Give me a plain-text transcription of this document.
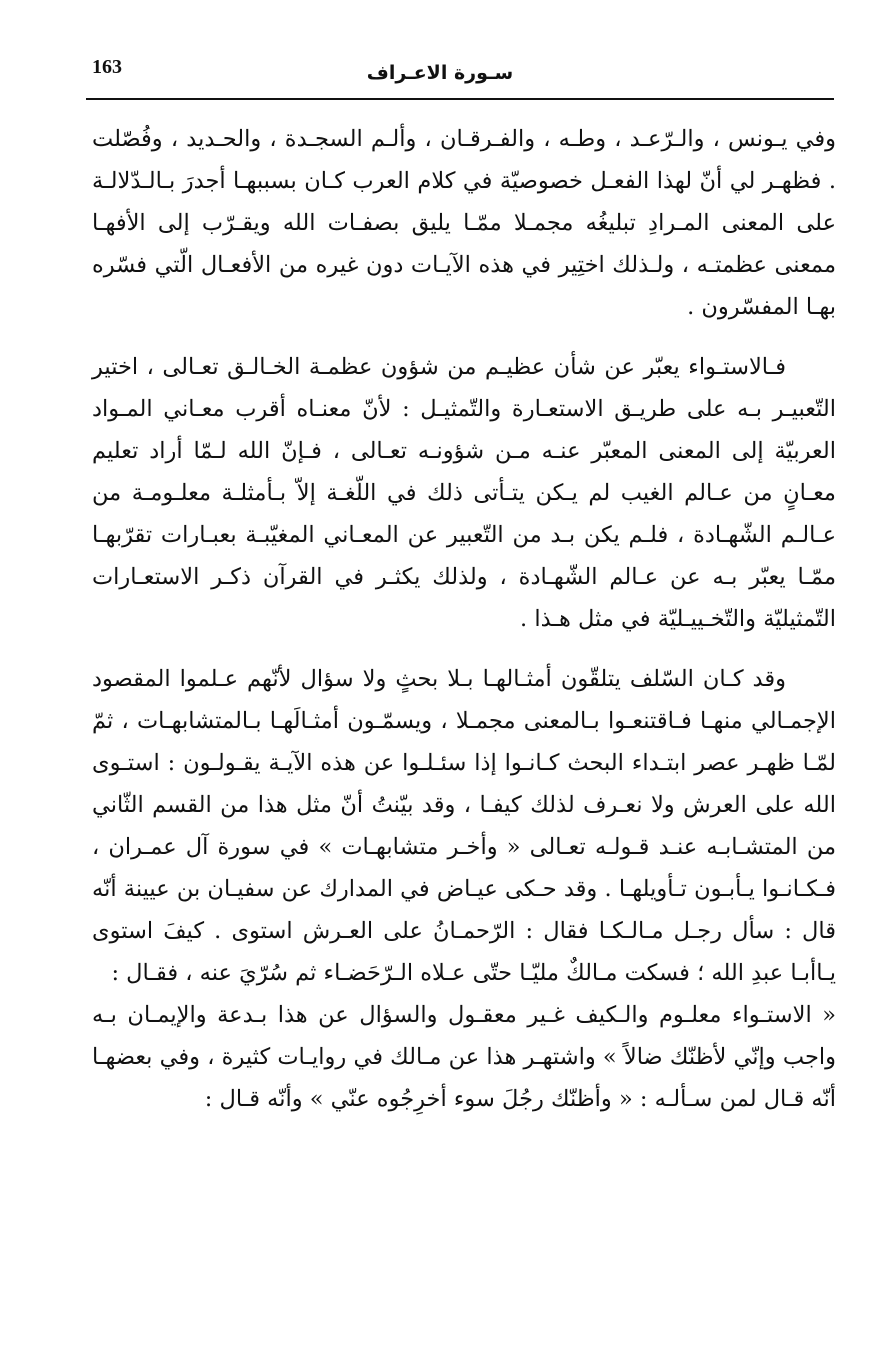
163	سـورة الاعـراف

وفي يـونس ، والـرّعـد ، وطـه ، والفـرقـان ، وألـم السجـدة ، والحـديد ، وفُصّلت . فظهـر لي أنّ لهذا الفعـل خصوصيّة في كلام العرب كـان بسببهـا أجدرَ بـالـدّلالـة على المعنى المـرادِ تبليغُه مجمـلا ممّـا يليق بصفـات الله ويقـرّب إلى الأفهـا ممعنى عظمتـه ، ولـذلك اختِير في هذه الآيـات دون غيره من الأفعـال الّتي فسّره بهـا المفسّرون .

فـالاستـواء يعبّر عن شأن عظيـم من شؤون عظمـة الخـالـق تعـالى ، اختير التّعبيـر بـه على طريـق الاستعـارة والتّمثيـل : لأنّ معنـاه أقرب معـاني المـواد العربيّة إلى المعنى المعبّر عنـه مـن شؤونـه تعـالى ، فـإنّ الله لـمّا أراد تعليم معـانٍ من عـالم الغيب لم يـكن يتـأتى ذلك في اللّغـة إلاّ بـأمثلـة معلـومـة من عـالـم الشّهـادة ، فلـم يكن بـد من التّعبير عن المعـاني المغيّبـة بعبـارات تقرّبهـا ممّـا يعبّر بـه عن عـالم الشّهـادة ، ولذلك يكثـر في القرآن ذكـر الاستعـارات التّمثيليّة والتّخـييـليّة في مثل هـذا .

وقد كـان السّلف يتلقّون أمثـالهـا بـلا بحثٍ ولا سؤال لأنّهم عـلموا المقصود الإجمـالي منهـا فـاقتنعـوا بـالمعنى مجمـلا ، ويسمّـون أمثـالَهـا بـالمتشابهـات ، ثمّ لمّـا ظهـر عصر ابتـداء البحث كـانـوا إذا سئـلـوا عن هذه الآيـة يقـولـون : استـوى الله على العرش ولا نعـرف لذلك كيفـا ، وقد بيّنتُ أنّ مثل هذا من القسم الثّاني من المتشـابـه عنـد قـولـه تعـالى « وأخـر متشابهـات » في سورة آل عمـران ، فـكـانـوا يـأبـون تـأويلهـا . وقد حـكى عيـاض في المدارك عن سفيـان بن عيينة أنّه قال : سأل رجـل مـالـكـا فقال : الرّحمـانُ على العـرش استوى . كيفَ استوى يـاأبـا عبدِ الله ؛ فسكت مـالكٌ مليّـا حتّى عـلاه الـرّحَضـاء ثم سُرّيَ عنه ، فقـال :

« الاستـواء معلـوم والـكيف غـير معقـول والسؤال عن هذا بـدعة والإيمـان بـه واجب وإنّي لأظنّك ضالاً » واشتهـر هذا عن مـالك في روايـات كثيرة ، وفي بعضهـا أنّه قـال لمن سـألـه : « وأظنّك رجُلَ سوء أخرِجُوه عنّي » وأنّه قـال :
